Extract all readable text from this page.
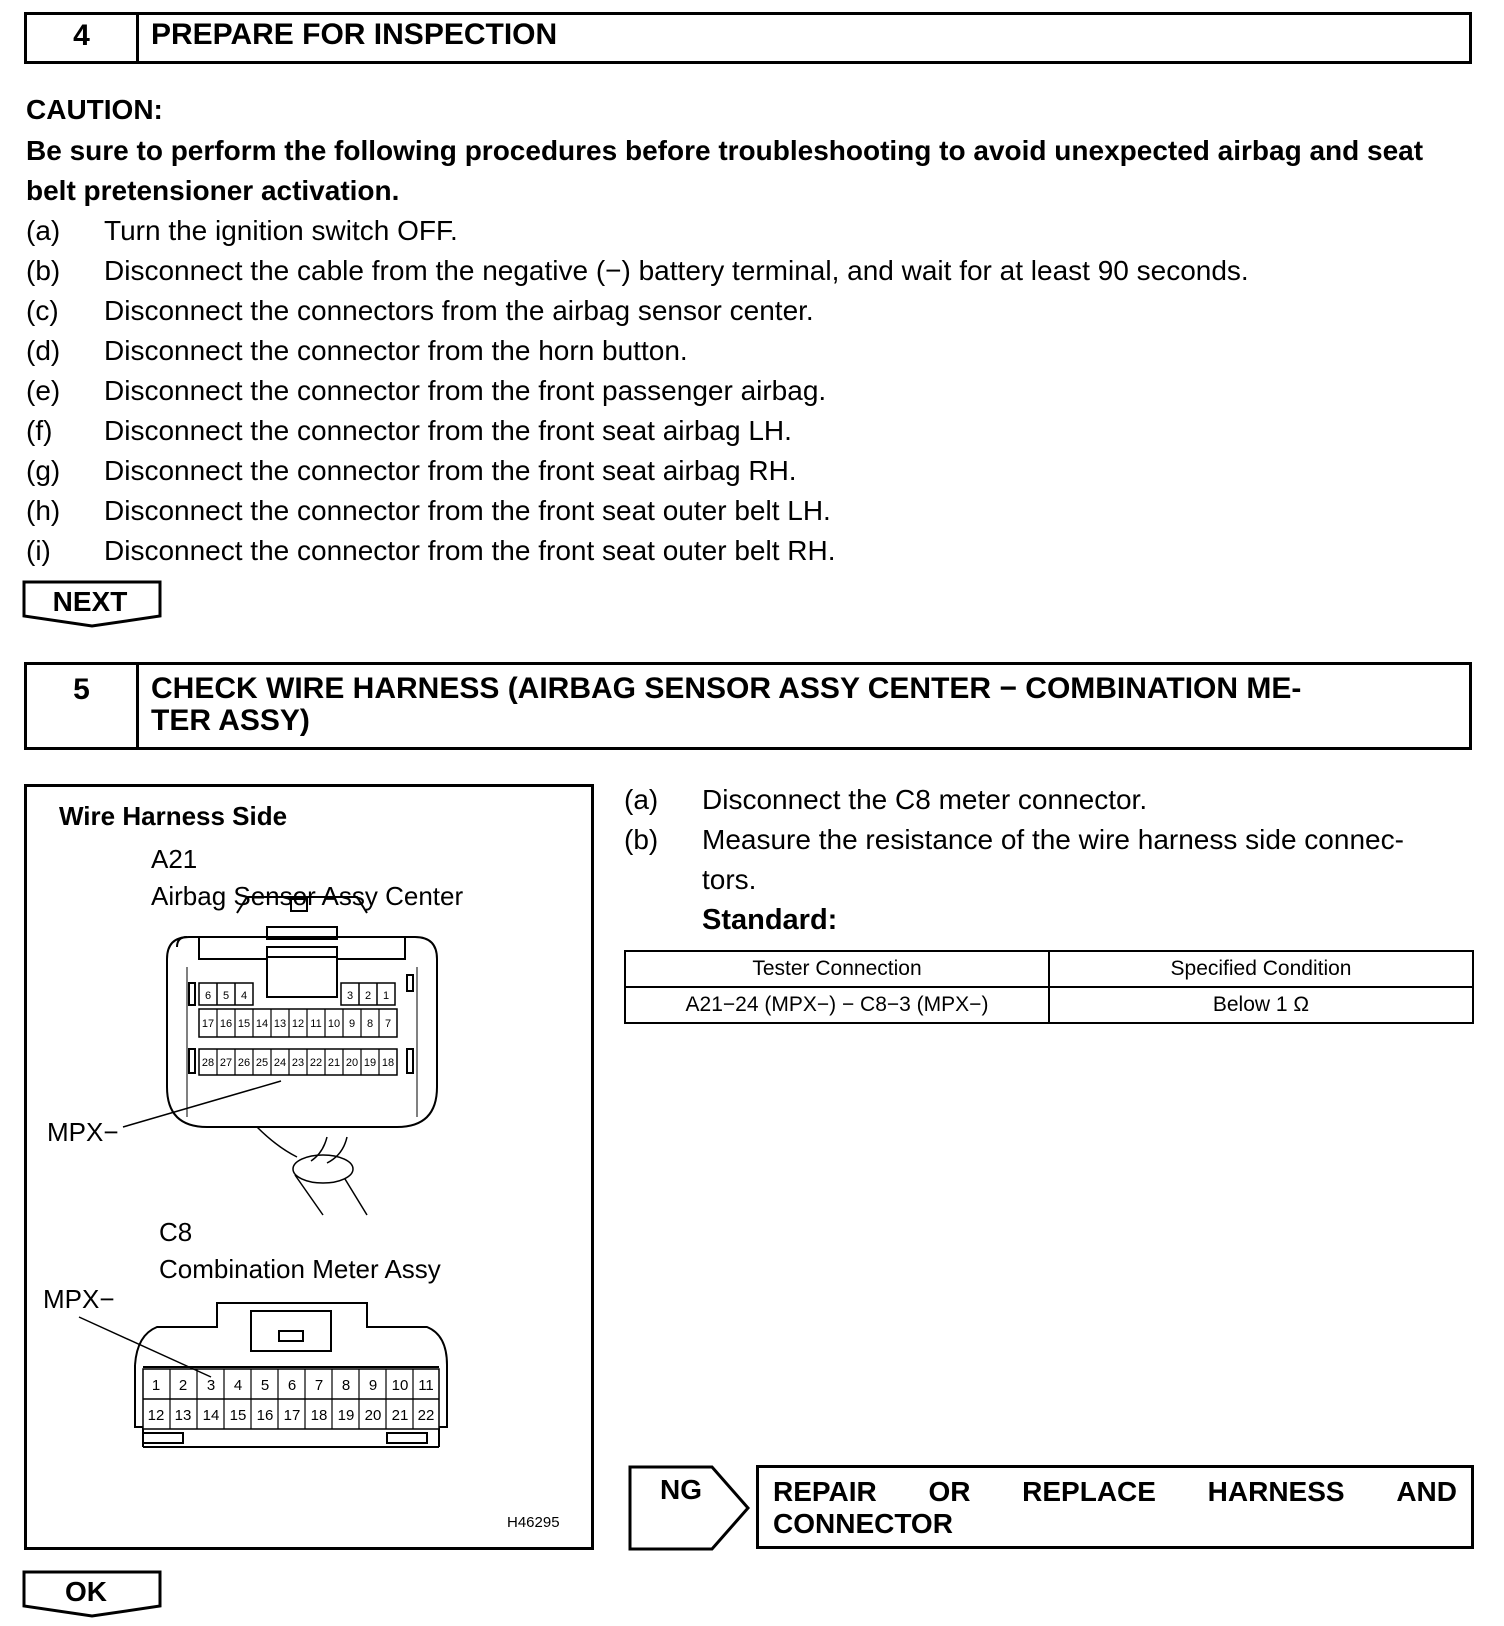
4	PREPARE FOR INSPECTION
CAUTION:
Be sure to perform the following procedures before troubleshooting to avoid unexpected airbag and seat belt pretensioner activation.
(a) Turn the ignition switch OFF.
(b) Disconnect the cable from the negative (−) battery terminal, and wait for at least 90 seconds.
(c) Disconnect the connectors from the airbag sensor center.
(d) Disconnect the connector from the horn button.
(e) Disconnect the connector from the front passenger airbag.
(f) Disconnect the connector from the front seat airbag LH.
(g) Disconnect the connector from the front seat airbag RH.
(h) Disconnect the connector from the front seat outer belt LH.
(i) Disconnect the connector from the front seat outer belt RH.
NEXT
5	CHECK WIRE HARNESS (AIRBAG SENSOR ASSY CENTER − COMBINATION ME-
TER ASSY)
Wire Harness Side
A21
Airbag Sensor Assy Center
MPX−
6 5 4	3 2 1
17 16 15 14 13 12 11 10 9 8 7
28 27 26 25 24 23 22 21 20 19 18
1 2 3 4 5 6 7 8 9 10 11
12 13 14 15 16 17 18 19 20 21 22
C8
Combination Meter Assy
MPX−
H46295
(a) Disconnect the C8 meter connector.
(b) Measure the resistance of the wire harness side connec-
tors.
Standard:
Tester Connection	Specified Condition
A21−24 (MPX−) − C8−3 (MPX−)	Below 1 Ω
NG	REPAIR OR REPLACE HARNESS AND
CONNECTOR
OK
